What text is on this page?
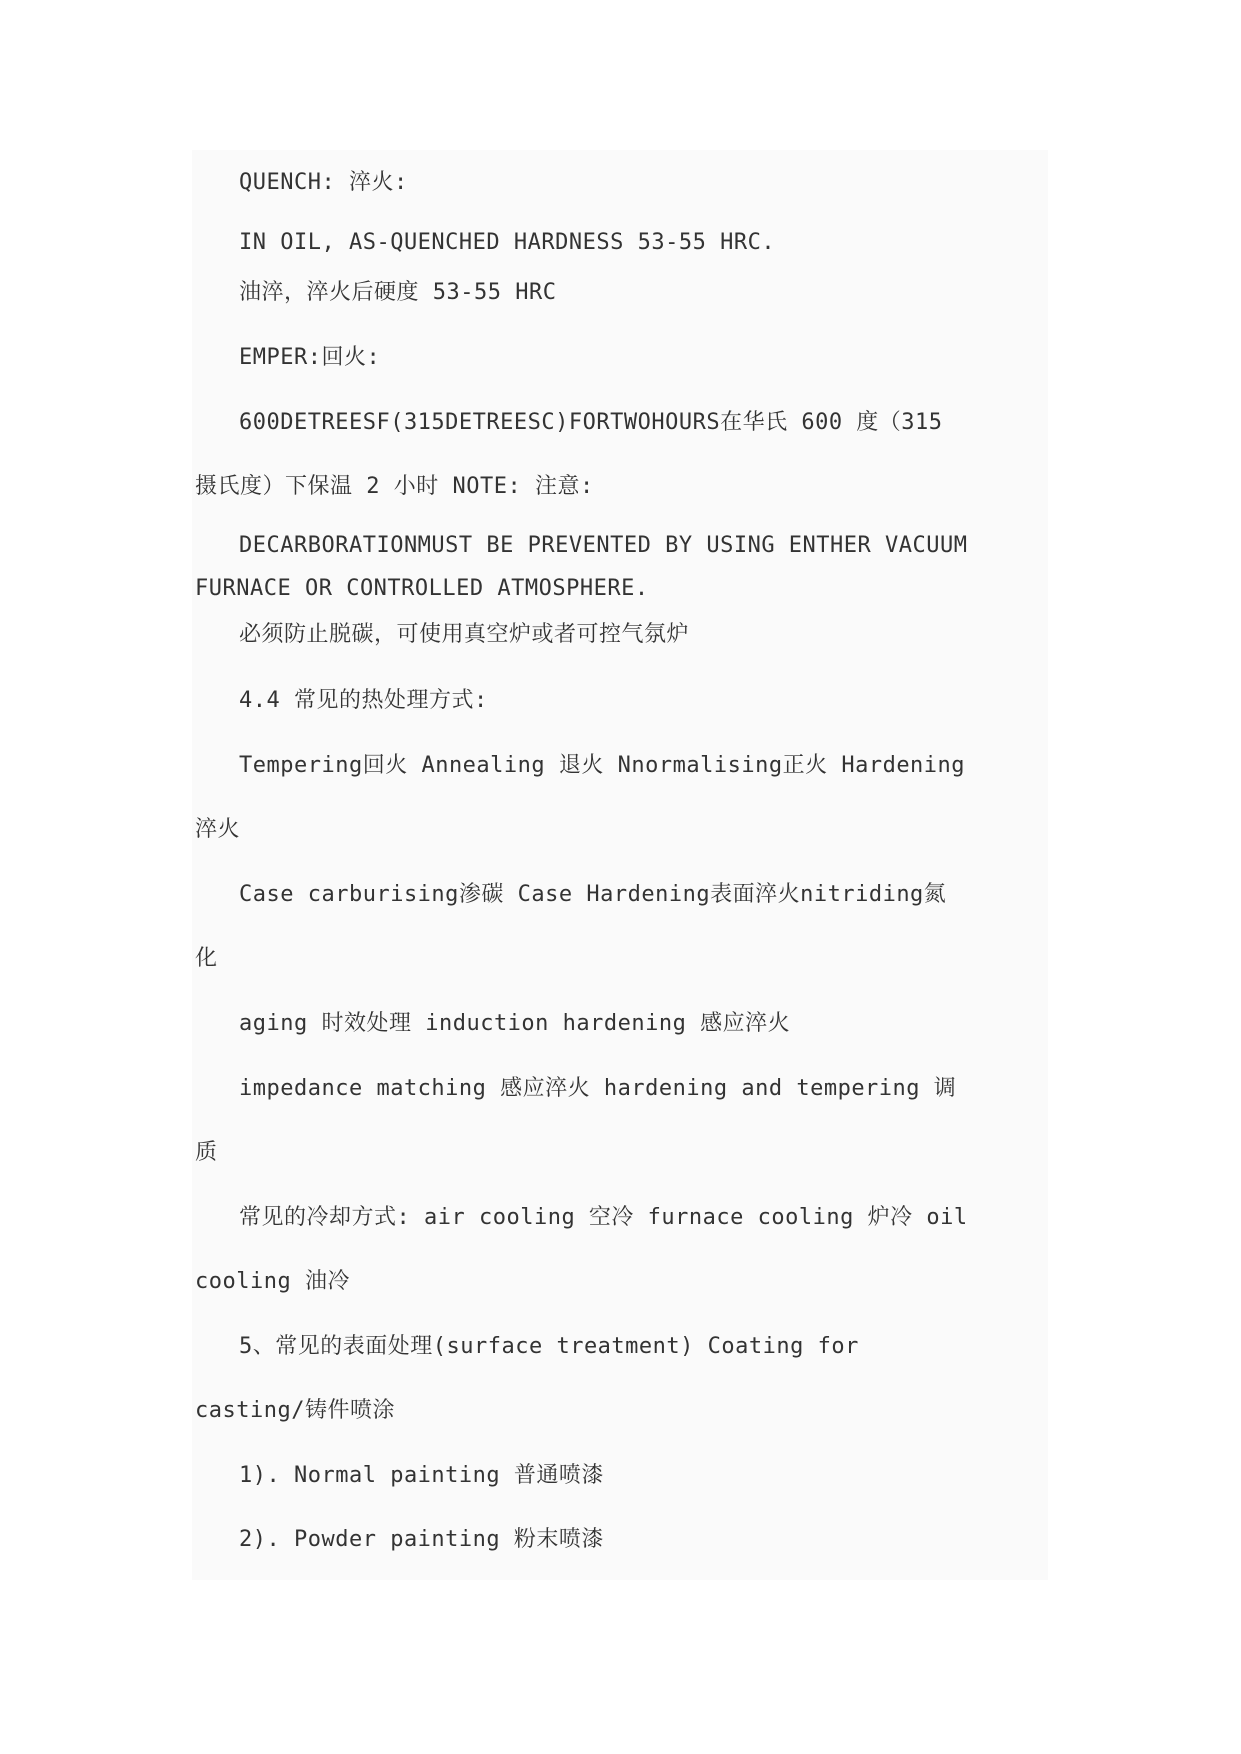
QUENCH: 淬火:
IN OIL, AS-QUENCHED HARDNESS 53-55 HRC.
油淬，淬火后硬度 53-55 HRC
EMPER:回火:
600DETREESF(315DETREESC)FORTWOHOURS在华氏 600 度（315
摄氏度）下保温 2 小时 NOTE: 注意:
DECARBORATIONMUST BE PREVENTED BY USING ENTHER VACUUM
FURNACE OR CONTROLLED ATMOSPHERE.
必须防止脱碳，可使用真空炉或者可控气氛炉
4.4 常见的热处理方式:
Tempering回火 Annealing 退火 Nnormalising正火 Hardening
淬火
Case carburising渗碳 Case Hardening表面淬火nitriding氮
化
aging 时效处理 induction hardening 感应淬火
impedance matching 感应淬火 hardening and tempering 调
质
常见的冷却方式: air cooling 空冷 furnace cooling 炉冷 oil
cooling 油冷
5、常见的表面处理(surface treatment) Coating for
casting/铸件喷涂
1). Normal painting 普通喷漆
2). Powder painting 粉末喷漆
